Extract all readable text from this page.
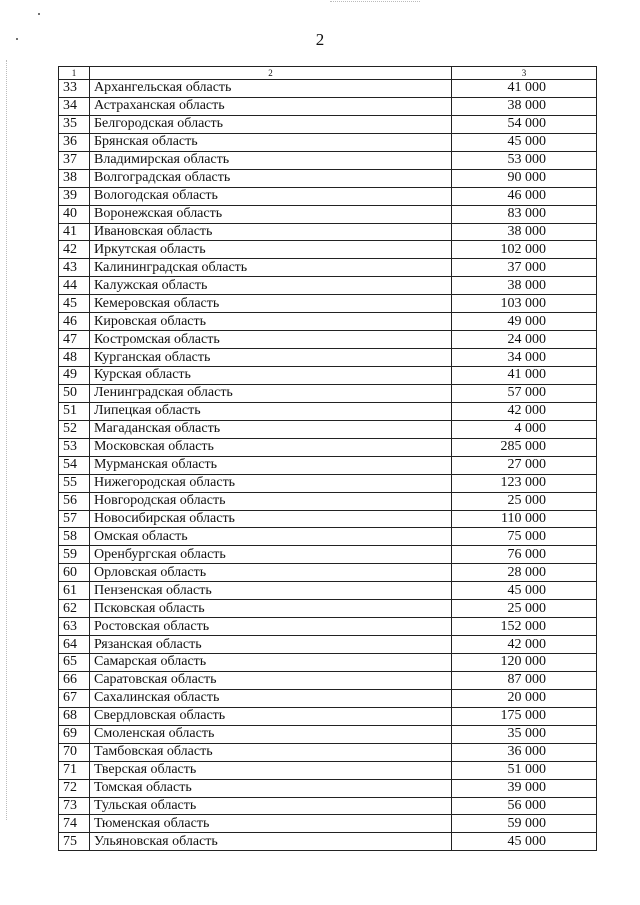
2
1	2	3
33	Архангельская область	41 000
34	Астраханская область	38 000
35	Белгородская область	54 000
36	Брянская область	45 000
37	Владимирская область	53 000
38	Волгоградская область	90 000
39	Вологодская область	46 000
40	Воронежская область	83 000
41	Ивановская область	38 000
42	Иркутская область	102 000
43	Калининградская область	37 000
44	Калужская область	38 000
45	Кемеровская область	103 000
46	Кировская область	49 000
47	Костромская область	24 000
48	Курганская область	34 000
49	Курская область	41 000
50	Ленинградская область	57 000
51	Липецкая область	42 000
52	Магаданская область	4 000
53	Московская область	285 000
54	Мурманская область	27 000
55	Нижегородская область	123 000
56	Новгородская область	25 000
57	Новосибирская область	110 000
58	Омская область	75 000
59	Оренбургская область	76 000
60	Орловская область	28 000
61	Пензенская область	45 000
62	Псковская область	25 000
63	Ростовская область	152 000
64	Рязанская область	42 000
65	Самарская область	120 000
66	Саратовская область	87 000
67	Сахалинская область	20 000
68	Свердловская область	175 000
69	Смоленская область	35 000
70	Тамбовская область	36 000
71	Тверская область	51 000
72	Томская область	39 000
73	Тульская область	56 000
74	Тюменская область	59 000
75	Ульяновская область	45 000
